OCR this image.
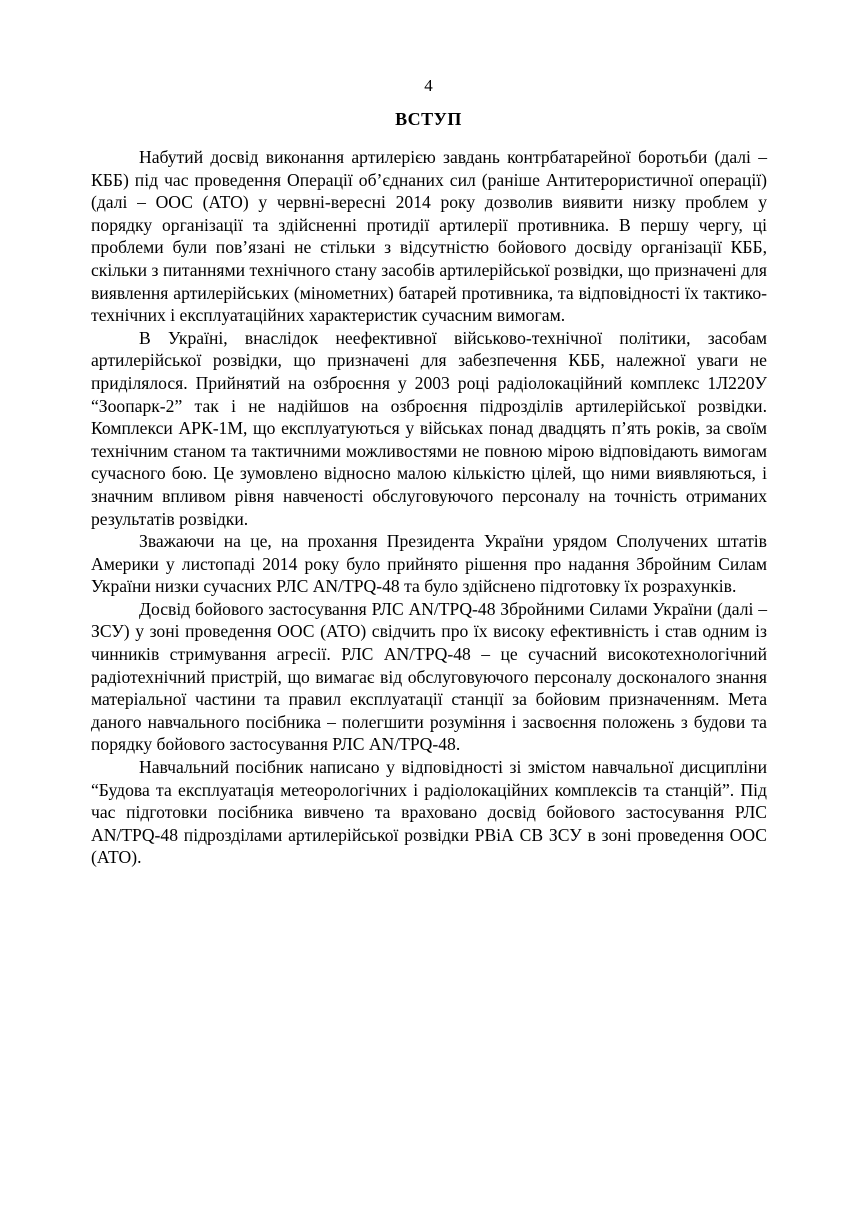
4
ВСТУП

Набутий досвід виконання артилерією завдань контрбатарейної боротьби (далі – КББ) під час проведення Операції об’єднаних сил (раніше Антитерористичної операції) (далі – ООС (АТО) у червні-вересні 2014 року дозволив виявити низку проблем у порядку організації та здійсненні протидії артилерії противника. В першу чергу, ці проблеми були пов’язані не стільки з відсутністю бойового досвіду організації КББ, скільки з питаннями технічного стану засобів артилерійської розвідки, що призначені для виявлення артилерійських (мінометних) батарей противника, та відповідності їх тактико-технічних і експлуатаційних характеристик сучасним вимогам.

В Україні, внаслідок неефективної військово-технічної політики, засобам артилерійської розвідки, що призначені для забезпечення КББ, належної уваги не приділялося. Прийнятий на озброєння у 2003 році радіолокаційний комплекс 1Л220У “Зоопарк-2” так і не надійшов на озброєння підрозділів артилерійської розвідки. Комплекси АРК-1М, що експлуатуються у військах понад двадцять п’ять років, за своїм технічним станом та тактичними можливостями не повною мірою відповідають вимогам сучасного бою. Це зумовлено відносно малою кількістю цілей, що ними виявляються, і значним впливом рівня навченості обслуговуючого персоналу на точність отриманих результатів розвідки.

Зважаючи на це, на прохання Президента України урядом Сполучених штатів Америки у листопаді 2014 року було прийнято рішення про надання Збройним Силам України низки сучасних РЛС AN/TPQ-48 та було здійснено підготовку їх розрахунків.

Досвід бойового застосування РЛС AN/TPQ-48 Збройними Силами України (далі – ЗСУ) у зоні проведення ООС (АТО) свідчить про їх високу ефективність і став одним із чинників стримування агресії. РЛС AN/TPQ-48 – це сучасний високотехнологічний радіотехнічний пристрій, що вимагає від обслуговуючого персоналу досконалого знання матеріальної частини та правил експлуатації станції за бойовим призначенням. Мета даного навчального посібника – полегшити розуміння і засвоєння положень з будови та порядку бойового застосування РЛС AN/TPQ-48.

Навчальний посібник написано у відповідності зі змістом навчальної дисципліни “Будова та експлуатація метеорологічних і радіолокаційних комплексів та станцій”. Під час підготовки посібника вивчено та враховано досвід бойового застосування РЛС AN/TPQ-48 підрозділами артилерійської розвідки РВіА СВ ЗСУ в зоні проведення ООС (АТО).
